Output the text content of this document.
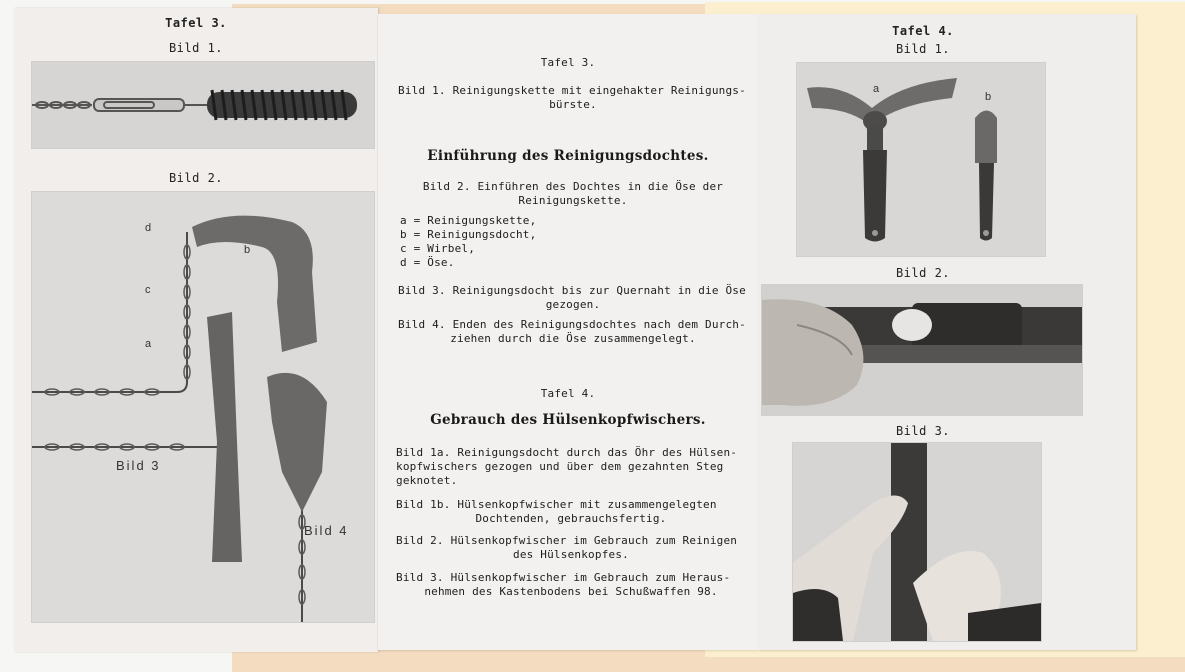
Tafel 3.
Bild 1.
Bild 2.
d
c
a
b
Bild 3
Bild 4
Tafel 3.
Bild 1. Reinigungskette mit eingehakter Reinigungs-
bürste.
Einführung des Reinigungsdochtes.
Bild 2. Einführen des Dochtes in die Öse der
Reinigungskette.
a = Reinigungskette,
b = Reinigungsdocht,
c = Wirbel,
d = Öse.
Bild 3. Reinigungsdocht bis zur Quernaht in die Öse
gezogen.
Bild 4. Enden des Reinigungsdochtes nach dem Durch-
ziehen durch die Öse zusammengelegt.
Tafel 4.
Gebrauch des Hülsenkopfwischers.
Bild 1a. Reinigungsdocht durch das Öhr des Hülsen-
kopfwischers gezogen und über dem gezahnten Steg
geknotet.
Bild 1b. Hülsenkopfwischer mit zusammengelegten
Dochtenden, gebrauchsfertig.
Bild 2. Hülsenkopfwischer im Gebrauch zum Reinigen
des Hülsenkopfes.
Bild 3. Hülsenkopfwischer im Gebrauch zum Heraus-
nehmen des Kastenbodens bei Schußwaffen 98.
Tafel 4.
Bild 1.
a
b
Bild 2.
Bild 3.
